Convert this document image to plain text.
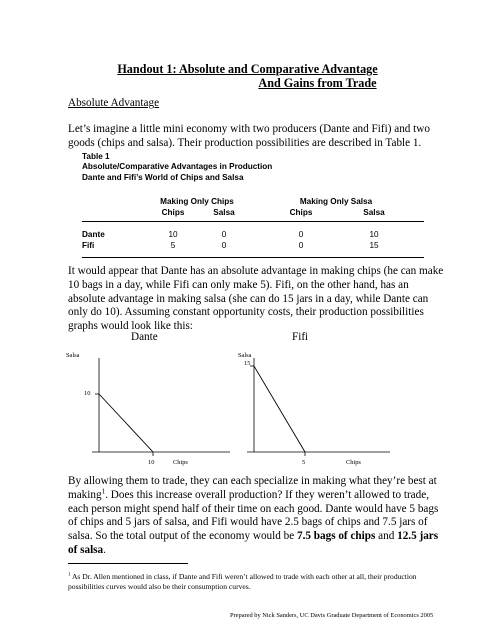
Handout 1: Absolute and Comparative Advantage
And Gains from Trade
Absolute Advantage
Let’s imagine a little mini economy with two producers (Dante and Fifi) and two goods (chips and salsa). Their production possibilities are described in Table 1.
Table 1
Absolute/Comparative Advantages in Production
Dante and Fifi’s World of Chips and Salsa
Making Only Chips	Making Only Salsa
Chips	Salsa	Chips	Salsa
Dante	10	0	0	10
Fifi	5	0	0	15
It would appear that Dante has an absolute advantage in making chips (he can make 10 bags in a day, while Fifi can only make 5). Fifi, on the other hand, has an absolute advantage in making salsa (she can do 15 jars in a day, while Dante can only do 10). Assuming constant opportunity costs, their production possibilities graphs would look like this:
Dante	Fifi
Salsa	Salsa
10
15
10	Chips	5	Chips
By allowing them to trade, they can each specialize in making what they’re best at making$^1$. Does this increase overall production? If they weren’t allowed to trade, each person might spend half of their time on each good. Dante would have 5 bags of chips and 5 jars of salsa, and Fifi would have 2.5 bags of chips and 7.5 jars of salsa. So the total output of the economy would be 7.5 bags of chips and 12.5 jars of salsa.
$^1$ As Dr. Allen mentioned in class, if Dante and Fifi weren’t allowed to trade with each other at all, their production possibilities curves would also be their consumption curves.
Prepared by Nick Sanders, UC Davis Graduate Department of Economics 2005
